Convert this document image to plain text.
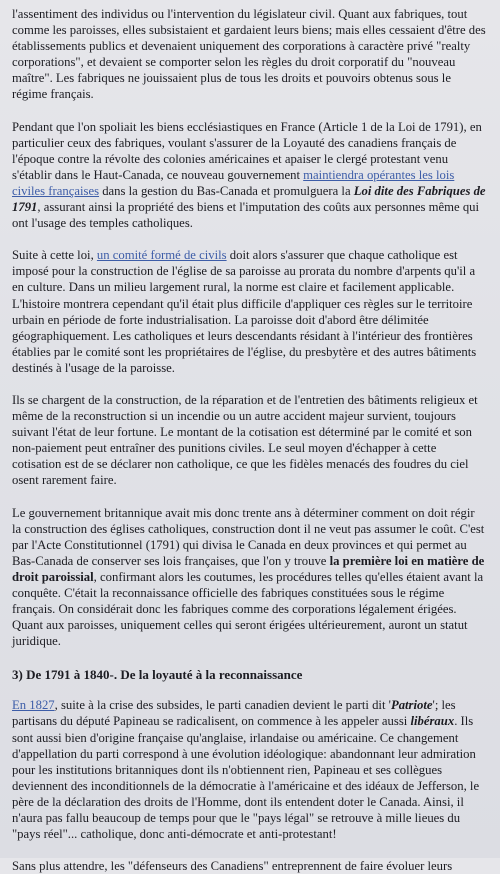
l'assentiment des individus ou l'intervention du législateur civil. Quant aux fabriques, tout comme les paroisses, elles subsistaient et gardaient leurs biens; mais elles cessaient d'être des établissements publics et devenaient uniquement des corporations à caractère privé "realty corporations", et devaient se comporter selon les règles du droit corporatif du "nouveau maître". Les fabriques ne jouissaient plus de tous les droits et pouvoirs obtenus sous le régime français.

Pendant que l'on spoliait les biens ecclésiastiques en France (Article 1 de la Loi de 1791), en particulier ceux des fabriques, voulant s'assurer de la Loyauté des canadiens français de l'époque contre la révolte des colonies américaines et apaiser le clergé protestant venu s'établir dans le Haut-Canada, ce nouveau gouvernement maintiendra opérantes les lois civiles françaises dans la gestion du Bas-Canada et promulguera la Loi dite des Fabriques de 1791, assurant ainsi la propriété des biens et l'imputation des coûts aux personnes même qui ont l'usage des temples catholiques.

Suite à cette loi, un comité formé de civils doit alors s'assurer que chaque catholique est imposé pour la construction de l'église de sa paroisse au prorata du nombre d'arpents qu'il a en culture. Dans un milieu largement rural, la norme est claire et facilement applicable. L'histoire montrera cependant qu'il était plus difficile d'appliquer ces règles sur le territoire urbain en période de forte industrialisation. La paroisse doit d'abord être délimitée géographiquement. Les catholiques et leurs descendants résidant à l'intérieur des frontières établies par le comité sont les propriétaires de l'église, du presbytère et des autres bâtiments destinés à l'usage de la paroisse.

Ils se chargent de la construction, de la réparation et de l'entretien des bâtiments religieux et même de la reconstruction si un incendie ou un autre accident majeur survient, toujours suivant l'état de leur fortune. Le montant de la cotisation est déterminé par le comité et son non-paiement peut entraîner des punitions civiles. Le seul moyen d'échapper à cette cotisation est de se déclarer non catholique, ce que les fidèles menacés des foudres du ciel osent rarement faire.

Le gouvernement britannique avait mis donc trente ans à déterminer comment on doit régir la construction des églises catholiques, construction dont il ne veut pas assumer le coût. C'est par l'Acte Constitutionnel (1791) qui divisa le Canada en deux provinces et qui permet au Bas-Canada de conserver ses lois françaises, que l'on y trouve la première loi en matière de droit paroissial, confirmant alors les coutumes, les procédures telles qu'elles étaient avant la conquête. C'était la reconnaissance officielle des fabriques constituées sous le régime français. On considérait donc les fabriques comme des corporations légalement érigées. Quant aux paroisses, uniquement celles qui seront érigées ultérieurement, auront un statut juridique.

3) De 1791 à 1840-. De la loyauté à la reconnaissance

En 1827, suite à la crise des subsides, le parti canadien devient le parti dit 'Patriote'; les partisans du député Papineau se radicalisent, on commence à les appeler aussi libéraux. Ils sont aussi bien d'origine française qu'anglaise, irlandaise ou américaine. Ce changement d'appellation du parti correspond à une évolution idéologique: abandonnant leur admiration pour les institutions britanniques dont ils n'obtiennent rien, Papineau et ses collègues deviennent des inconditionnels de la démocratie à l'américaine et des idéaux de Jefferson, le père de la déclaration des droits de l'Homme, dont ils entendent doter le Canada. Ainsi, il n'aura pas fallu beaucoup de temps pour que le "pays légal" se retrouve à mille lieues du "pays réel"... catholique, donc anti-démocrate et anti-protestant!

Sans plus attendre, les "défenseurs des Canadiens" entreprennent de faire évoluer leurs
